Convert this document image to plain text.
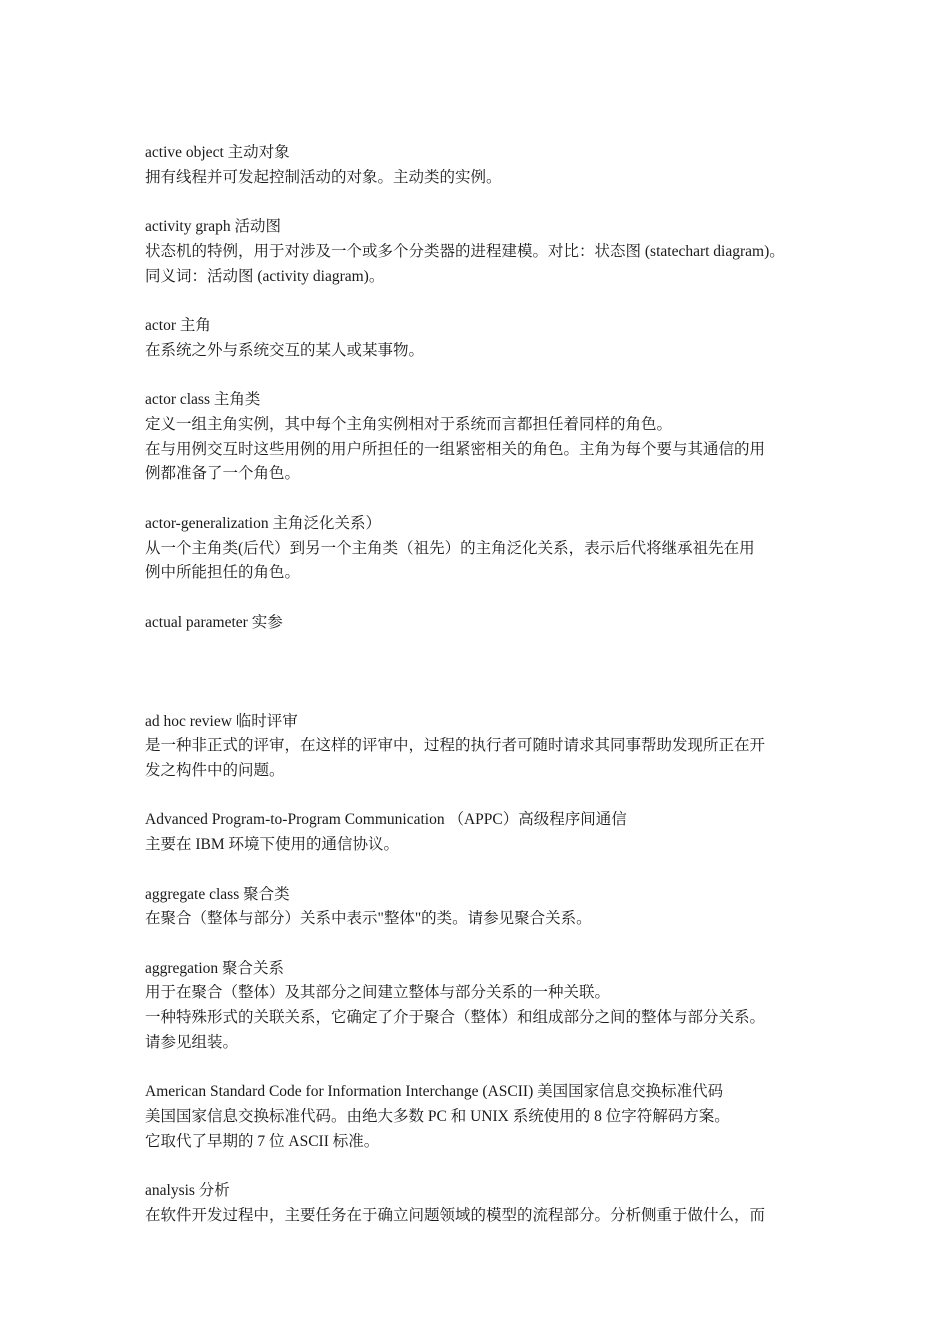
active object 主动对象
拥有线程并可发起控制活动的对象。主动类的实例。
activity graph 活动图
状态机的特例，用于对涉及一个或多个分类器的进程建模。对比：状态图 (statechart diagram)。
同义词：活动图 (activity diagram)。
actor 主角
在系统之外与系统交互的某人或某事物。
actor class 主角类
定义一组主角实例，其中每个主角实例相对于系统而言都担任着同样的角色。
在与用例交互时这些用例的用户所担任的一组紧密相关的角色。主角为每个要与其通信的用
例都准备了一个角色。
actor-generalization 主角泛化关系）
从一个主角类(后代）到另一个主角类（祖先）的主角泛化关系，表示后代将继承祖先在用
例中所能担任的角色。
actual parameter 实参
ad hoc review 临时评审
是一种非正式的评审，在这样的评审中，过程的执行者可随时请求其同事帮助发现所正在开
发之构件中的问题。
Advanced Program-to-Program Communication （APPC）高级程序间通信
主要在 IBM 环境下使用的通信协议。
aggregate class 聚合类
在聚合（整体与部分）关系中表示"整体"的类。请参见聚合关系。
aggregation 聚合关系
用于在聚合（整体）及其部分之间建立整体与部分关系的一种关联。
一种特殊形式的关联关系，它确定了介于聚合（整体）和组成部分之间的整体与部分关系。
请参见组装。
American Standard Code for Information Interchange (ASCII) 美国国家信息交换标准代码
美国国家信息交换标准代码。由绝大多数 PC 和 UNIX 系统使用的 8 位字符解码方案。
它取代了早期的 7 位 ASCII 标准。
analysis 分析
在软件开发过程中，主要任务在于确立问题领域的模型的流程部分。分析侧重于做什么，而
